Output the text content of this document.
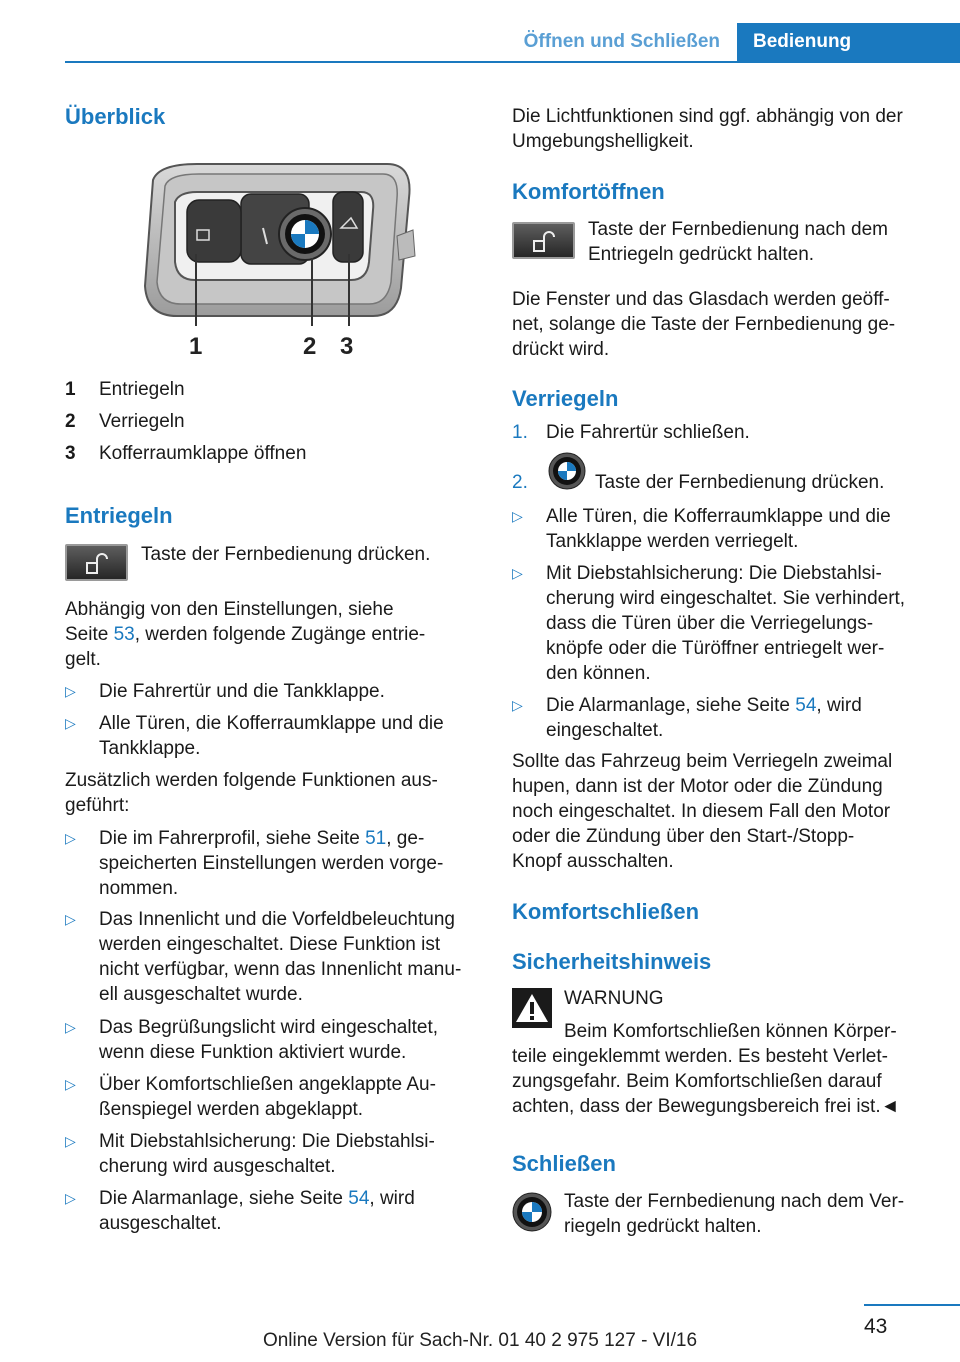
Öffnen und Schließen	Bedienung
Überblick
1	2 3
1 Entriegeln
2 Verriegeln
3 Kofferraumklappe öffnen
Entriegeln

Taste der Fernbedienung drücken.

Abhängig von den Einstellungen, siehe

Seite 53, werden folgende Zugänge entrie-

gelt.

▷ Die Fahrertür und die Tankklappe.
▷ Alle Türen, die Kofferraumklappe und die
Tankklappe.

Zusätzlich werden folgende Funktionen aus-

geführt:

▷ Die im Fahrerprofil, siehe Seite 51, ge-
speicherten Einstellungen werden vorge-
nommen.
▷ Das Innenlicht und die Vorfeldbeleuchtung
werden eingeschaltet. Diese Funktion ist
nicht verfügbar, wenn das Innenlicht manu-
ell ausgeschaltet wurde.
▷ Das Begrüßungslicht wird eingeschaltet,
wenn diese Funktion aktiviert wurde.
▷ Über Komfortschließen angeklappte Au-
ßenspiegel werden abgeklappt.
▷ Mit Diebstahlsicherung: Die Diebstahlsi-
cherung wird ausgeschaltet.
▷ Die Alarmanlage, siehe Seite 54, wird
ausgeschaltet.

Die Lichtfunktionen sind ggf. abhängig von der

Umgebungshelligkeit.

Komfortöffnen

Taste der Fernbedienung nach dem

Entriegeln gedrückt halten.

Die Fenster und das Glasdach werden geöff-

net, solange die Taste der Fernbedienung ge-

drückt wird.

Verriegeln
1. Die Fahrertür schließen.
2.	Taste der Fernbedienung drücken.
▷ Alle Türen, die Kofferraumklappe und die
Tankklappe werden verriegelt.
▷ Mit Diebstahlsicherung: Die Diebstahlsi-
cherung wird eingeschaltet. Sie verhindert,
dass die Türen über die Verriegelungs-
knöpfe oder die Türöffner entriegelt wer-
den können.
▷ Die Alarmanlage, siehe Seite 54, wird
eingeschaltet.

Sollte das Fahrzeug beim Verriegeln zweimal

hupen, dann ist der Motor oder die Zündung

noch eingeschaltet. In diesem Fall den Motor

oder die Zündung über den Start-/Stopp-

Knopf ausschalten.

Komfortschließen
Sicherheitshinweis

WARNUNG

Beim Komfortschließen können Körper-

teile eingeklemmt werden. Es besteht Verlet-

zungsgefahr. Beim Komfortschließen darauf

achten, dass der Bewegungsbereich frei ist.◄

Schließen

Taste der Fernbedienung nach dem Ver-

riegeln gedrückt halten.

43
Online Version für Sach-Nr. 01 40 2 975 127 - VI/16
